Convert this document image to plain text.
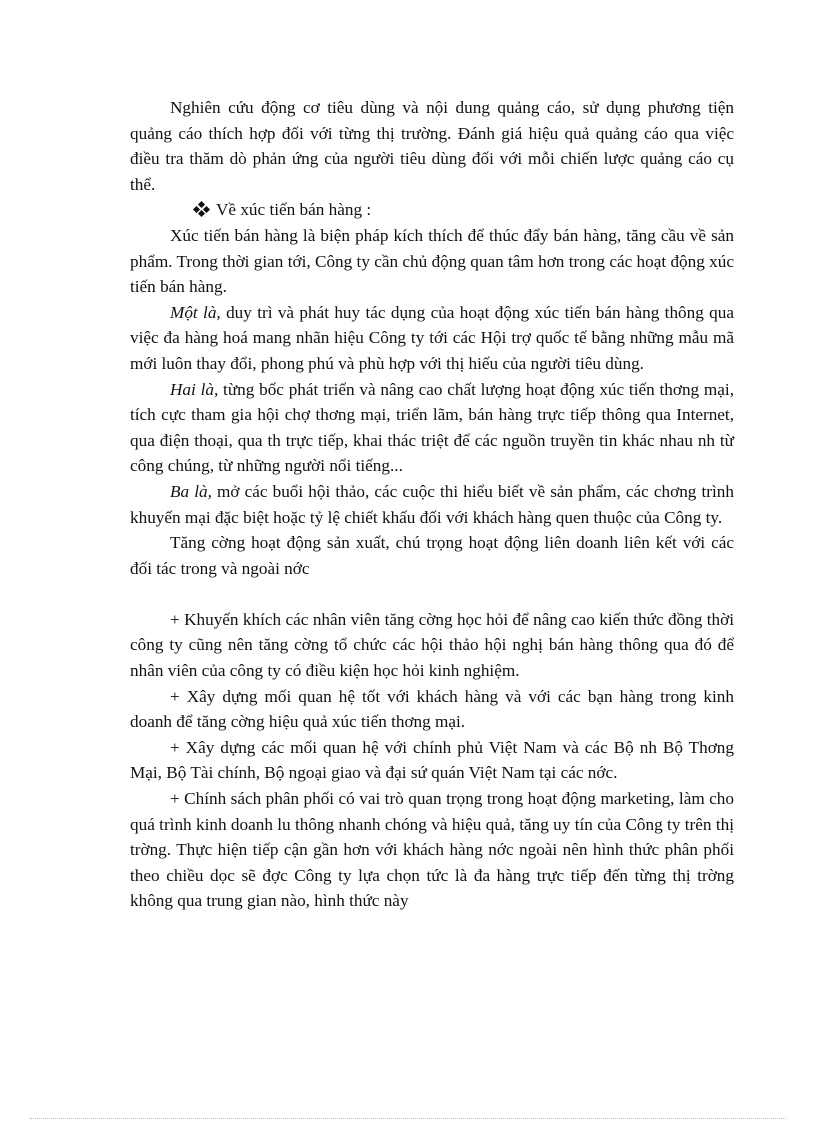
Nghiên cứu động cơ tiêu dùng và nội dung quảng cáo, sử dụng phương tiện quảng cáo thích hợp đối với từng thị trường. Đánh giá hiệu quả quảng cáo qua việc điều tra thăm dò phản ứng của người tiêu dùng đối với mỗi chiến lược quảng cáo cụ thể.

Về xúc tiến bán hàng :

Xúc tiến bán hàng là biện pháp kích thích để thúc đẩy bán hàng, tăng cầu về sản phẩm. Trong thời gian tới, Công ty cần chủ động quan tâm hơn trong các hoạt động xúc tiến bán hàng.

Một là, duy trì và phát huy tác dụng của hoạt động xúc tiến bán hàng thông qua việc đa hàng hoá mang nhãn hiệu Công ty tới các Hội trợ quốc tế bằng những mẫu mã mới luôn thay đổi, phong phú và phù hợp với thị hiếu của người tiêu dùng.

Hai là, từng bốc phát triển và nâng cao chất lượng hoạt động xúc tiến thơng mại, tích cực tham gia hội chợ thơng mại, triển lãm, bán hàng trực tiếp thông qua Internet, qua điện thoại, qua th trực tiếp, khai thác triệt để các nguồn truyền tin khác nhau nh từ công chúng, từ những người nổi tiếng...

Ba là, mở các buổi hội thảo, các cuộc thi hiểu biết về sản phẩm, các chơng trình khuyến mại đặc biệt hoặc tỷ lệ chiết khấu đối với khách hàng quen thuộc của Công ty.

Tăng cờng hoạt động sản xuất, chú trọng hoạt động liên doanh liên kết với các đối tác trong và ngoài nớc

+ Khuyến khích các nhân viên tăng cờng học hỏi để nâng cao kiến thức đồng thời công ty cũng nên tăng cờng tổ chức các hội thảo hội nghị bán hàng thông qua đó để nhân viên của công ty có điều kiện học hỏi kinh nghiệm.

+ Xây dựng mối quan hệ tốt với khách hàng và với các bạn hàng trong kinh doanh để tăng cờng hiệu quả xúc tiến thơng mại.

+ Xây dựng các mối quan hệ với chính phủ Việt Nam và các Bộ nh Bộ Thơng Mại, Bộ Tài chính, Bộ ngoại giao và đại sứ quán Việt Nam tại các nớc.

+ Chính sách phân phối có vai trò quan trọng trong hoạt động marketing, làm cho quá trình kinh doanh lu thông nhanh chóng và hiệu quả, tăng uy tín của Công ty trên thị trờng. Thực hiện tiếp cận gần hơn với khách hàng nớc ngoài nên hình thức phân phối theo chiều dọc sẽ đợc Công ty lựa chọn tức là đa hàng trực tiếp đến từng thị trờng không qua trung gian nào, hình thức này
